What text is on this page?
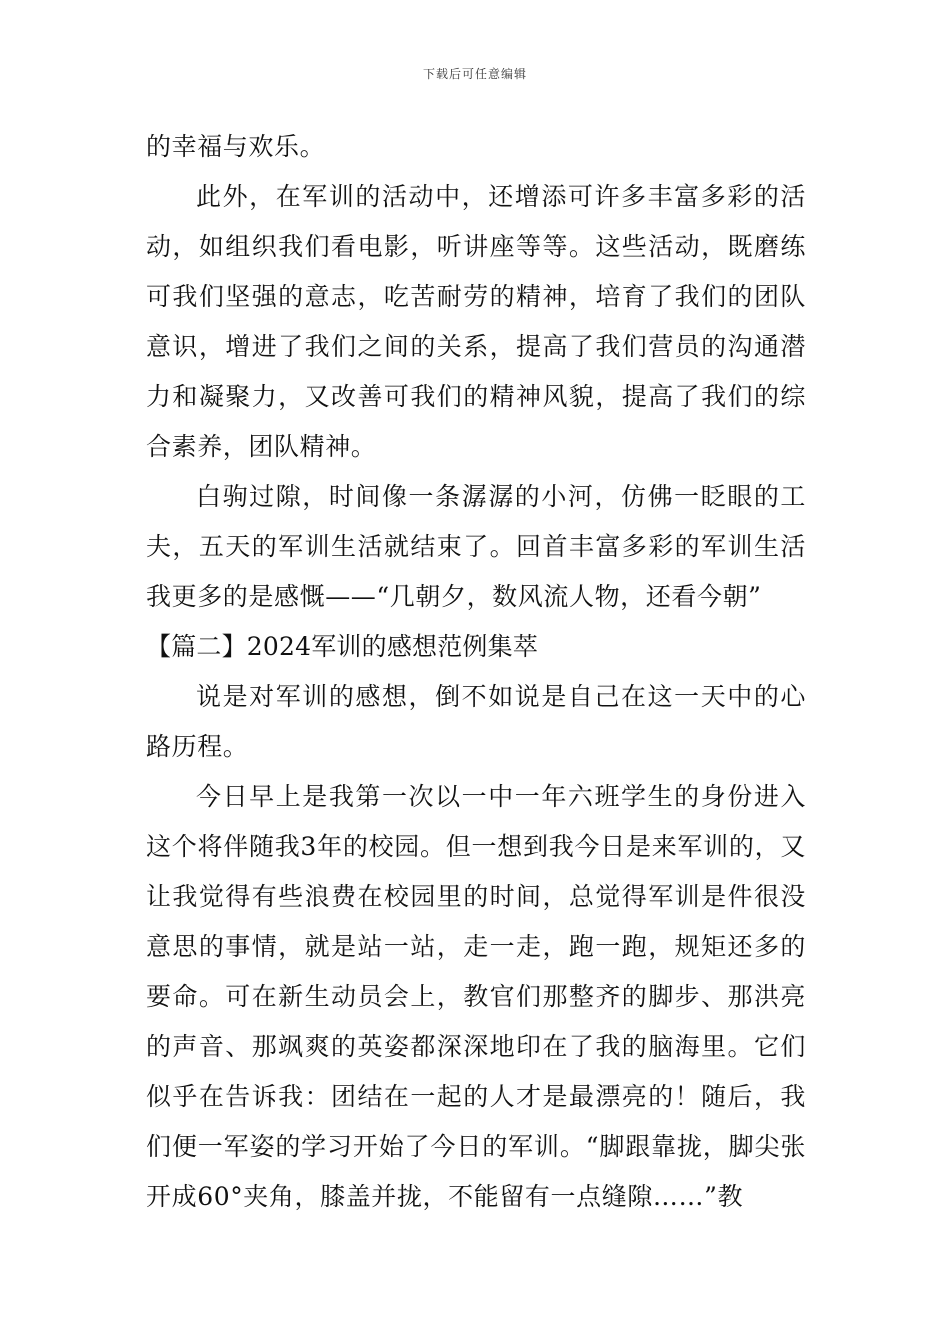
下载后可任意编辑

的幸福与欢乐。

此外，在军训的活动中，还增添可许多丰富多彩的活动，如组织我们看电影，听讲座等等。这些活动，既磨练可我们坚强的意志，吃苦耐劳的精神，培育了我们的团队意识，增进了我们之间的关系，提高了我们营员的沟通潜力和凝聚力，又改善可我们的精神风貌，提高了我们的综合素养，团队精神。

白驹过隙，时间像一条潺潺的小河，仿佛一眨眼的工夫，五天的军训生活就结束了。回首丰富多彩的军训生活我更多的是感慨——“几朝夕，数风流人物，还看今朝”

【篇二】2024军训的感想范例集萃

说是对军训的感想，倒不如说是自己在这一天中的心路历程。

今日早上是我第一次以一中一年六班学生的身份进入这个将伴随我3年的校园。但一想到我今日是来军训的，又让我觉得有些浪费在校园里的时间，总觉得军训是件很没意思的事情，就是站一站，走一走，跑一跑，规矩还多的要命。可在新生动员会上，教官们那整齐的脚步、那洪亮的声音、那飒爽的英姿都深深地印在了我的脑海里。它们似乎在告诉我：团结在一起的人才是最漂亮的！随后，我们便一军姿的学习开始了今日的军训。“脚跟靠拢，脚尖张开成60°夹角，膝盖并拢，不能留有一点缝隙……”教
